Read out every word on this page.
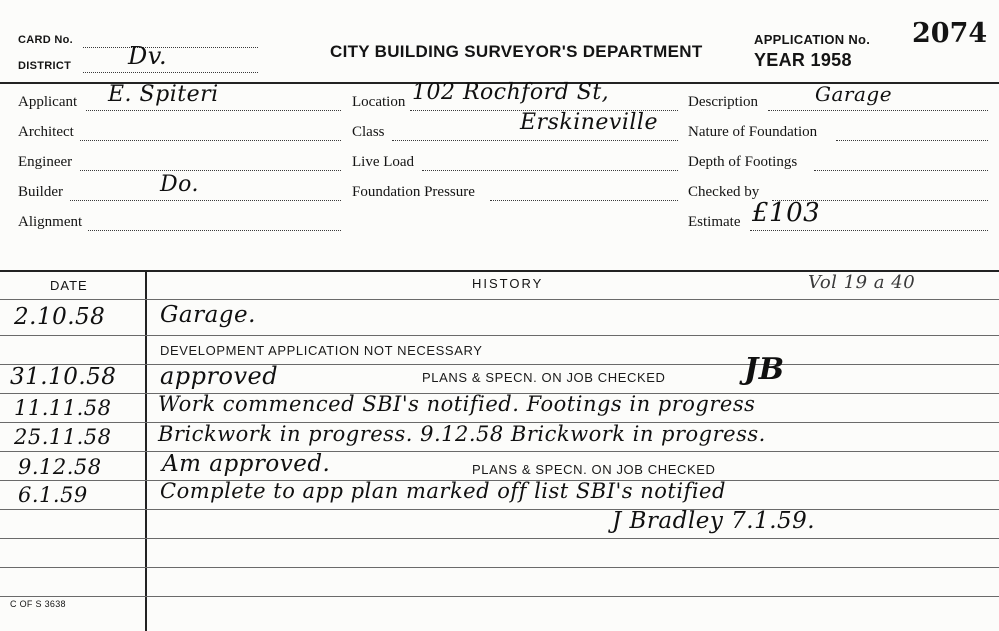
CARD No.
DISTRICT Dv.	CITY BUILDING SURVEYOR'S DEPARTMENT
APPLICATION No. 2074
YEAR 1958
Applicant E. Spiteri
Architect
Engineer
Builder	Do.
Alignment
Location 102 Rochford St,
Class	Erskineville
Live Load
Foundation Pressure
Description	Garage
Nature of Foundation
Depth of Footings
Checked by
Estimate £103
DATE	HISTORY	Vol 19 a 40
2.10.58 Garage.
DEVELOPMENT APPLICATION NOT NECESSARY
31.10.58 approved	PLANS & SPECN. ON JOB CHECKED	JB
11.11.58 Work commenced SBI's notified. Footings in progress
25.11.58 Brickwork in progress. 9.12.58 Brickwork in progress.
9.12.58	Am approved.	PLANS & SPECN. ON JOB CHECKED
6.1.59	Complete to app plan marked off list SBI's notified
J Bradley 7.1.59.
C OF S 3638
